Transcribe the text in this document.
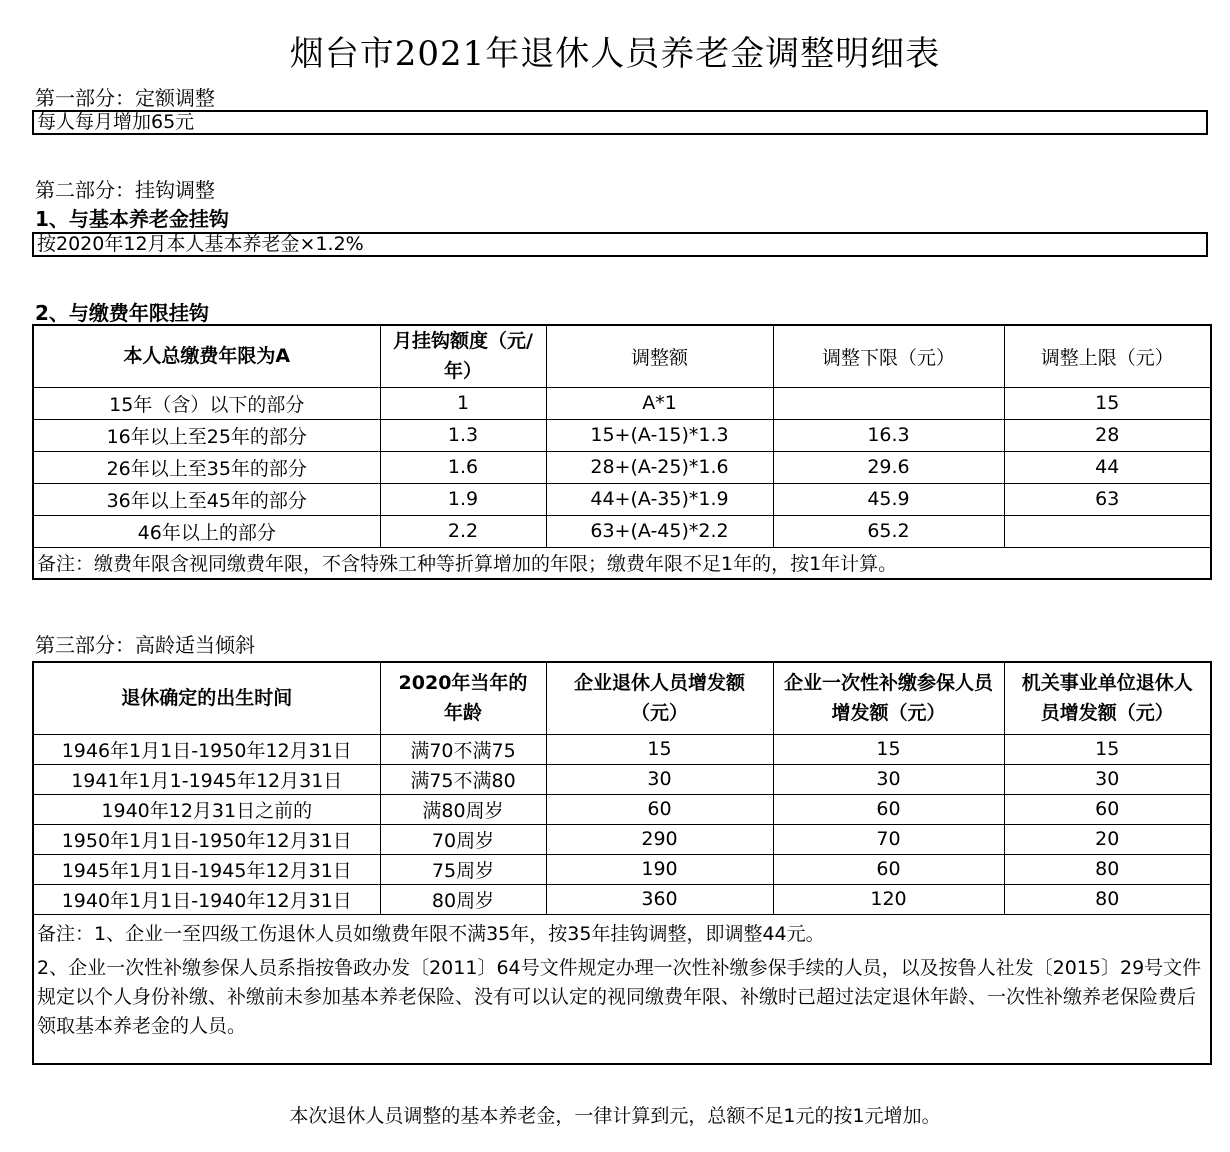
烟台市2021年退休人员养老金调整明细表
第一部分：定额调整
每人每月增加65元
第二部分：挂钩调整
1、与基本养老金挂钩
按2020年12月本人基本养老金×1.2%
2、与缴费年限挂钩
本人总缴费年限为A	月挂钩额度（元/年）	调整额	调整下限（元）	调整上限（元）
15年（含）以下的部分	1	A*1		15
16年以上至25年的部分	1.3	15+(A-15)*1.3	16.3	28
26年以上至35年的部分	1.6	28+(A-25)*1.6	29.6	44
36年以上至45年的部分	1.9	44+(A-35)*1.9	45.9	63
46年以上的部分	2.2	63+(A-45)*2.2	65.2	
备注：缴费年限含视同缴费年限，不含特殊工种等折算增加的年限；缴费年限不足1年的，按1年计算。				
第三部分：高龄适当倾斜
退休确定的出生时间	2020年当年的年龄	企业退休人员增发额（元）	企业一次性补缴参保人员增发额（元）	机关事业单位退休人员增发额（元）
1946年1月1日-1950年12月31日	满70不满75	15	15	15
1941年1月1-1945年12月31日	满75不满80	30	30	30
1940年12月31日之前的	满80周岁	60	60	60
1950年1月1日-1950年12月31日	70周岁	290	70	20
1945年1月1日-1945年12月31日	75周岁	190	60	80
1940年1月1日-1940年12月31日	80周岁	360	120	80
备注：1、企业一至四级工伤退休人员如缴费年限不满35年，按35年挂钩调整，即调整44元。				
2、企业一次性补缴参保人员系指按鲁政办发〔2011〕64号文件规定办理一次性补缴参保手续的人员，以及按鲁人社发〔2015〕29号文件规定以个人身份补缴、补缴前未参加基本养老保险、没有可以认定的视同缴费年限、补缴时已超过法定退休年龄、一次性补缴养老保险费后领取基本养老金的人员。				
本次退休人员调整的基本养老金，一律计算到元，总额不足1元的按1元增加。
